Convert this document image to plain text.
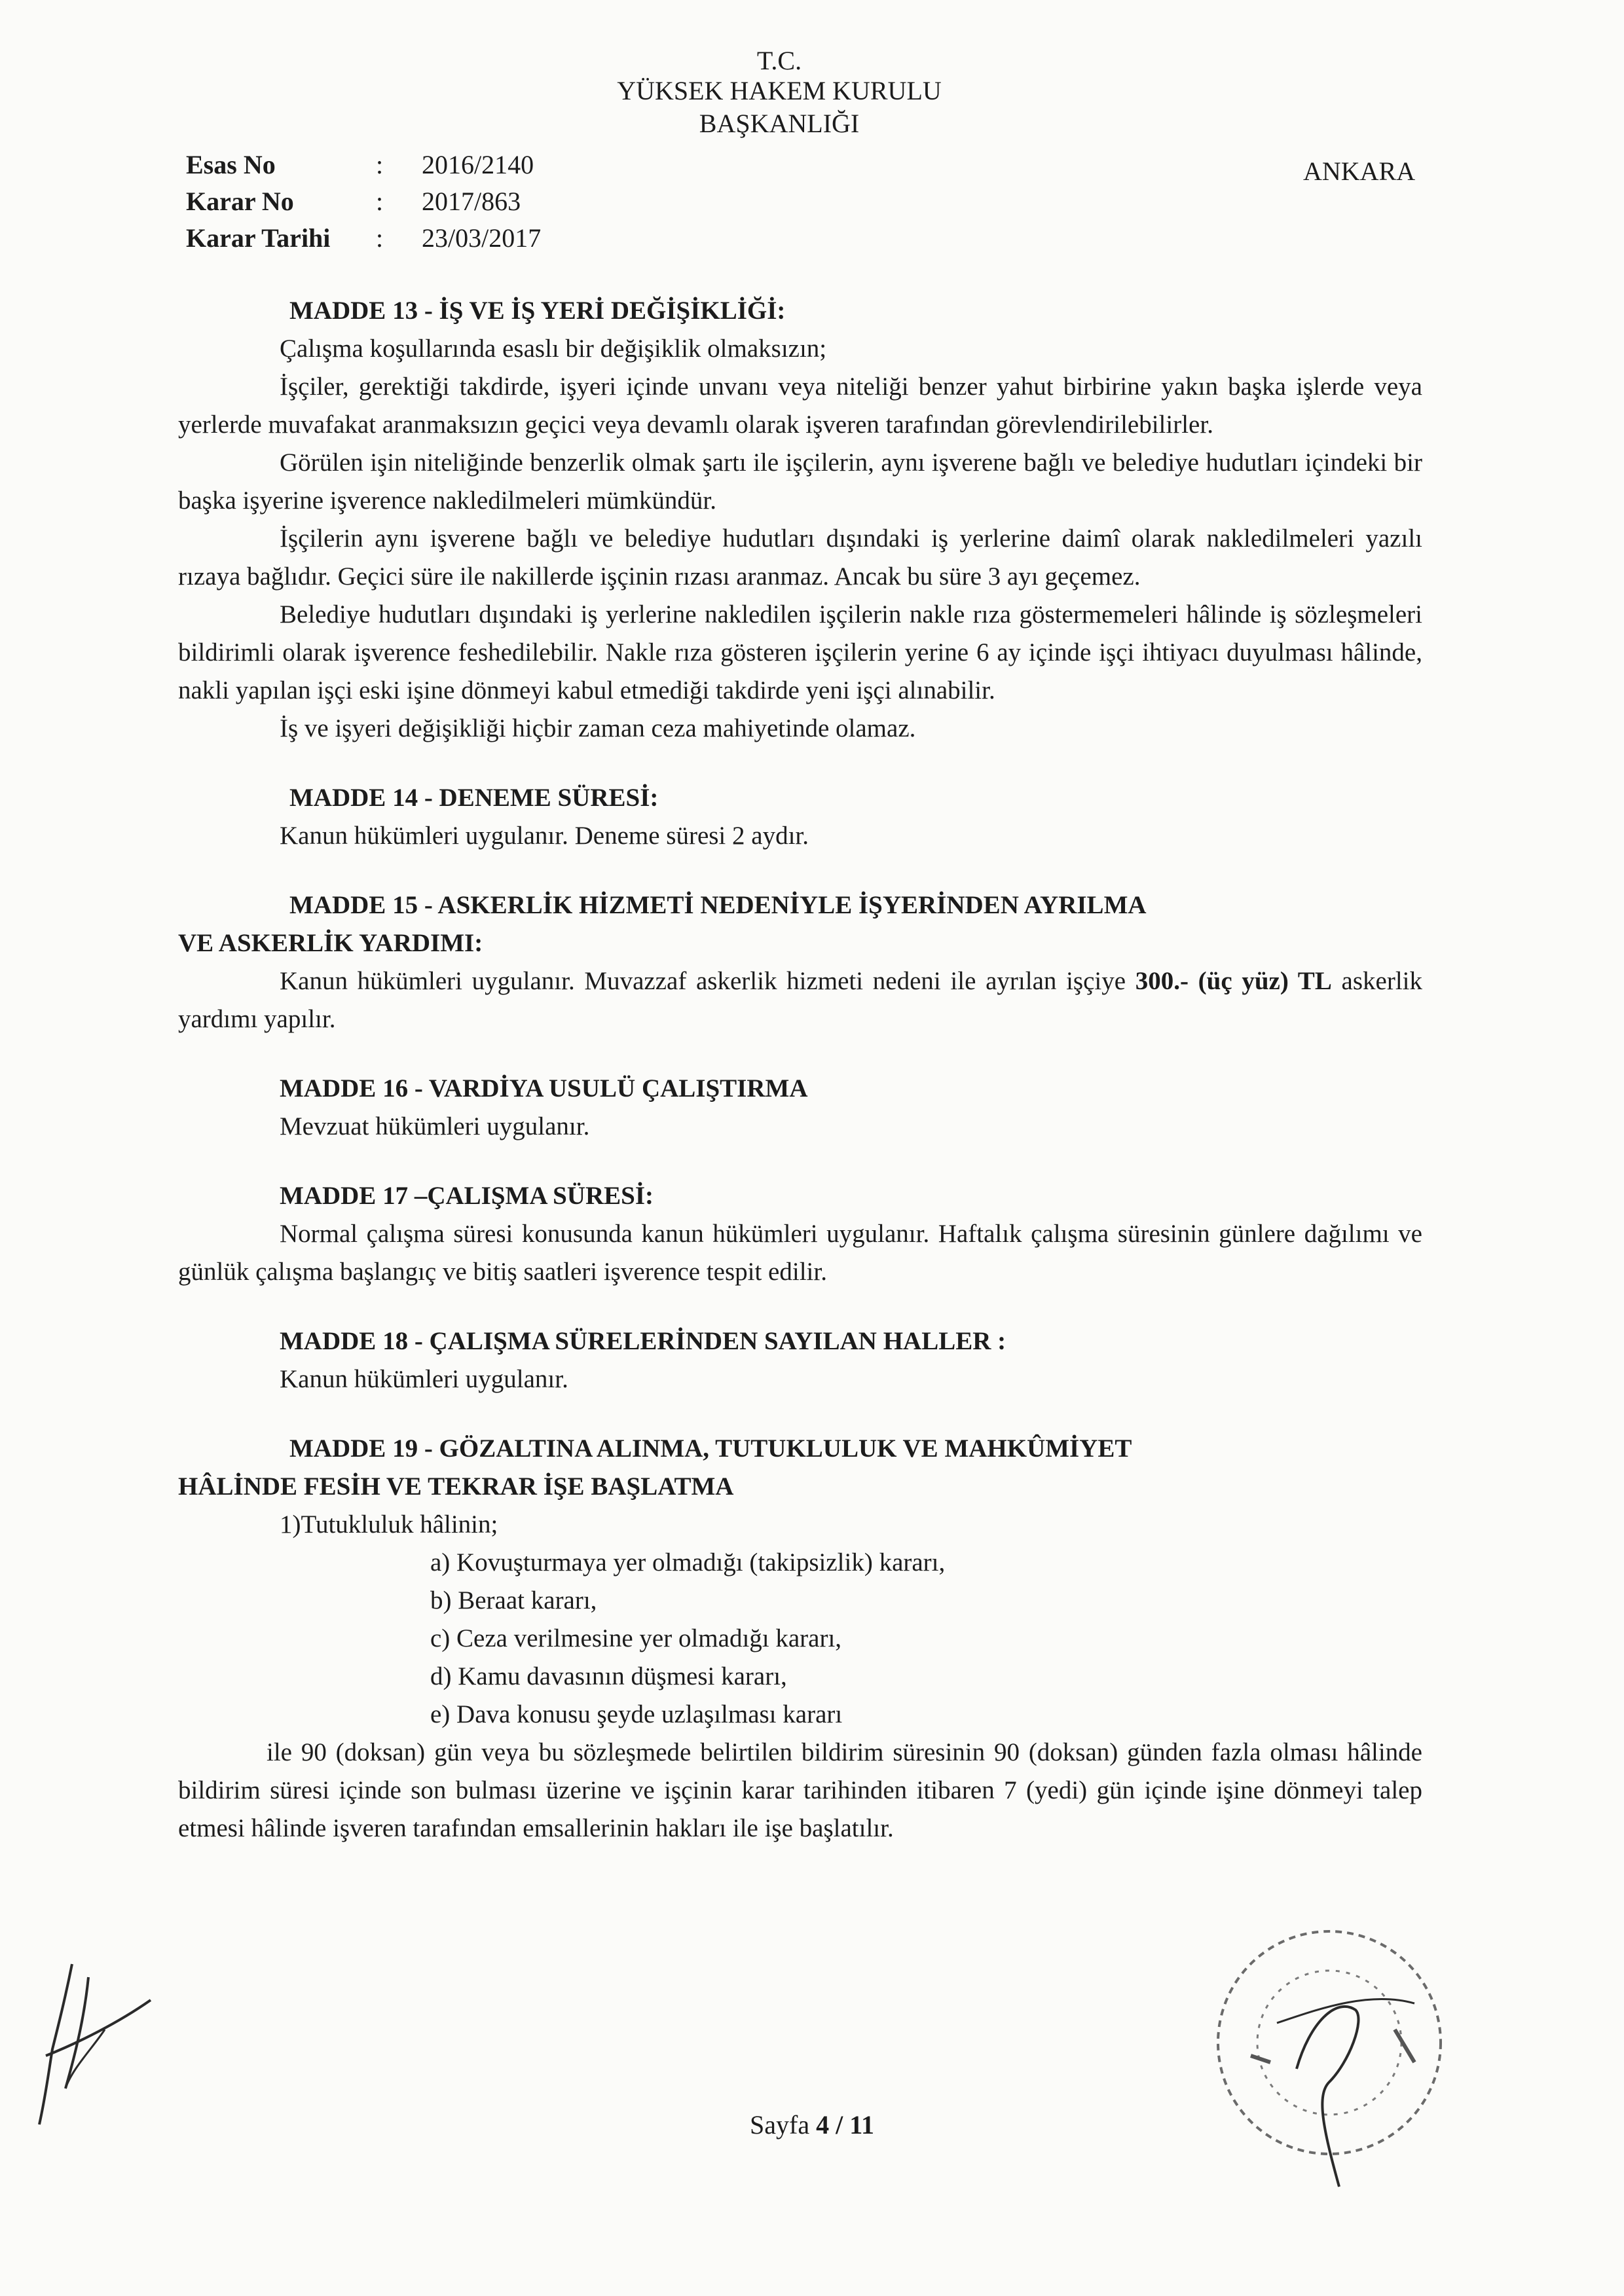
T.C.
YÜKSEK HAKEM KURULU
BAŞKANLIĞI
Esas No	:	2016/2140
Karar No	:	2017/863
Karar Tarihi	:	23/03/2017
ANKARA
MADDE 13 - İŞ VE İŞ YERİ DEĞİŞİKLİĞİ:

Çalışma koşullarında esaslı bir değişiklik olmaksızın;

İşçiler, gerektiği takdirde, işyeri içinde unvanı veya niteliği benzer yahut birbirine yakın başka işlerde veya yerlerde muvafakat aranmaksızın geçici veya devamlı olarak işveren tarafından görevlendirilebilirler.

Görülen işin niteliğinde benzerlik olmak şartı ile işçilerin, aynı işverene bağlı ve belediye hudutları içindeki bir başka işyerine işverence nakledilmeleri mümkündür.

İşçilerin aynı işverene bağlı ve belediye hudutları dışındaki iş yerlerine daimî olarak nakledilmeleri yazılı rızaya bağlıdır. Geçici süre ile nakillerde işçinin rızası aranmaz. Ancak bu süre 3 ayı geçemez.

Belediye hudutları dışındaki iş yerlerine nakledilen işçilerin nakle rıza göstermemeleri hâlinde iş sözleşmeleri bildirimli olarak işverence feshedilebilir. Nakle rıza gösteren işçilerin yerine 6 ay içinde işçi ihtiyacı duyulması hâlinde, nakli yapılan işçi eski işine dönmeyi kabul etmediği takdirde yeni işçi alınabilir.

İş ve işyeri değişikliği hiçbir zaman ceza mahiyetinde olamaz.

MADDE 14 - DENEME SÜRESİ:

Kanun hükümleri uygulanır. Deneme süresi 2 aydır.

MADDE 15 - ASKERLİK HİZMETİ NEDENİYLE İŞYERİNDEN AYRILMA
VE ASKERLİK YARDIMI:

Kanun hükümleri uygulanır. Muvazzaf askerlik hizmeti nedeni ile ayrılan işçiye 300.- (üç yüz) TL askerlik yardımı yapılır.

MADDE 16 - VARDİYA USULÜ ÇALIŞTIRMA

Mevzuat hükümleri uygulanır.

MADDE 17 –ÇALIŞMA SÜRESİ:

Normal çalışma süresi konusunda kanun hükümleri uygulanır. Haftalık çalışma süresinin günlere dağılımı ve günlük çalışma başlangıç ve bitiş saatleri işverence tespit edilir.

MADDE 18 - ÇALIŞMA SÜRELERİNDEN SAYILAN HALLER :

Kanun hükümleri uygulanır.

MADDE 19 - GÖZALTINA ALINMA, TUTUKLULUK VE MAHKÛMİYET
HÂLİNDE FESİH VE TEKRAR İŞE BAŞLATMA

1)Tutukluluk hâlinin;

a) Kovuşturmaya yer olmadığı (takipsizlik) kararı,
b) Beraat kararı,
c) Ceza verilmesine yer olmadığı kararı,
d) Kamu davasının düşmesi kararı,
e) Dava konusu şeyde uzlaşılması kararı

ile 90 (doksan) gün veya bu sözleşmede belirtilen bildirim süresinin 90 (doksan) günden fazla olması hâlinde bildirim süresi içinde son bulması üzerine ve işçinin karar tarihinden itibaren 7 (yedi) gün içinde işine dönmeyi talep etmesi hâlinde işveren tarafından emsallerinin hakları ile işe başlatılır.

Sayfa 4 / 11
